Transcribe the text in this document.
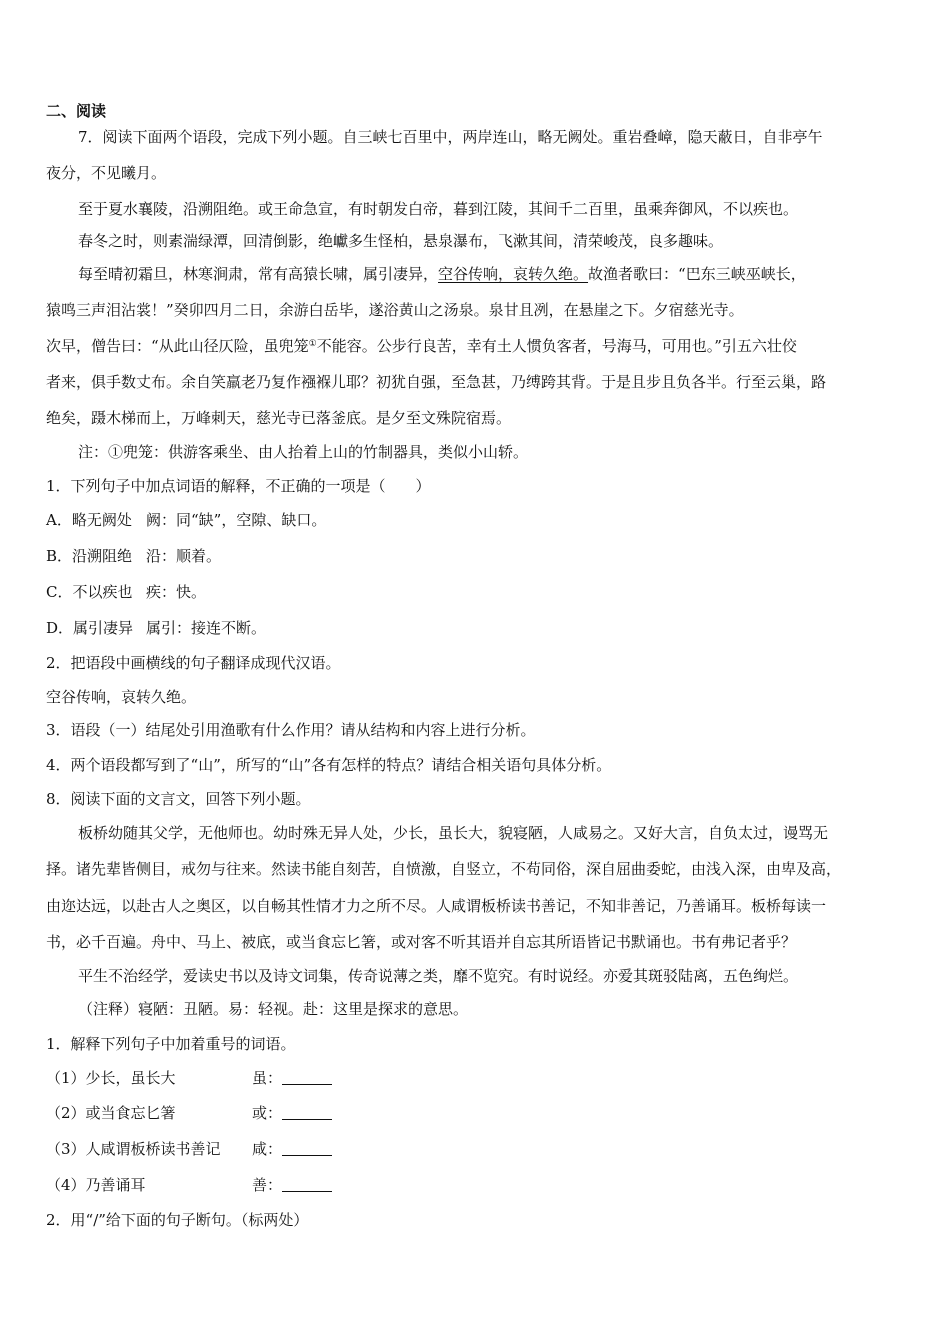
二、阅读
7．阅读下面两个语段，完成下列小题。自三峡七百里中，两岸连山，略无阙处。重岩叠嶂，隐天蔽日，自非亭午
夜分，不见曦月。
至于夏水襄陵，沿溯阻绝。或王命急宣，有时朝发白帝，暮到江陵，其间千二百里，虽乘奔御风，不以疾也。
春冬之时，则素湍绿潭，回清倒影，绝巘多生怪柏，悬泉瀑布，飞漱其间，清荣峻茂，良多趣味。
每至晴初霜旦，林寒涧肃，常有高猿长啸，属引凄异，空谷传响，哀转久绝。故渔者歌曰：“巴东三峡巫峡长，
猿鸣三声泪沾裳！”癸卯四月二日，余游白岳毕，遂浴黄山之汤泉。泉甘且冽，在悬崖之下。夕宿慈光寺。
次早，僧告曰：“从此山径仄险，虽兜笼①不能容。公步行良苦，幸有土人惯负客者，号海马，可用也。”引五六壮佼
者来，俱手数丈布。余自笑羸老乃复作襁褓儿耶？初犹自强，至急甚，乃缚跨其背。于是且步且负各半。行至云巢，路
绝矣，蹑木梯而上，万峰刺天，慈光寺已落釜底。是夕至文殊院宿焉。
注：①兜笼：供游客乘坐、由人抬着上山的竹制器具，类似小山轿。
1．下列句子中加点词语的解释，不正确的一项是（　　）
A．略无阙处 阙：同“缺”，空隙、缺口。
B．沿溯阻绝 沿：顺着。
C．不以疾也 疾：快。
D．属引凄异 属引：接连不断。
2．把语段中画横线的句子翻译成现代汉语。
空谷传响，哀转久绝。
3．语段（一）结尾处引用渔歌有什么作用？请从结构和内容上进行分析。
4．两个语段都写到了“山”，所写的“山”各有怎样的特点？请结合相关语句具体分析。
8．阅读下面的文言文，回答下列小题。
板桥幼随其父学，无他师也。幼时殊无异人处，少长，虽长大，貌寝陋，人咸易之。又好大言，自负太过，谩骂无
择。诸先辈皆侧目，戒勿与往来。然读书能自刻苦，自愤激，自竖立，不苟同俗，深自屈曲委蛇，由浅入深，由卑及高，
由迩达远，以赴古人之奥区，以自畅其性情才力之所不尽。人咸谓板桥读书善记，不知非善记，乃善诵耳。板桥每读一
书，必千百遍。舟中、马上、被底，或当食忘匕箸，或对客不听其语并自忘其所语皆记书默诵也。书有弗记者乎？
平生不治经学，爱读史书以及诗文词集，传奇说薄之类，靡不览究。有时说经。亦爱其斑驳陆离，五色绚烂。
（注释）寝陋：丑陋。易：轻视。赴：这里是探求的意思。
1．解释下列句子中加着重号的词语。
（1）少长，虽长大	虽：
（2）或当食忘匕箸	或：
（3）人咸谓板桥读书善记 咸：
（4）乃善诵耳	善：
2．用“/”给下面的句子断句。（标两处）
